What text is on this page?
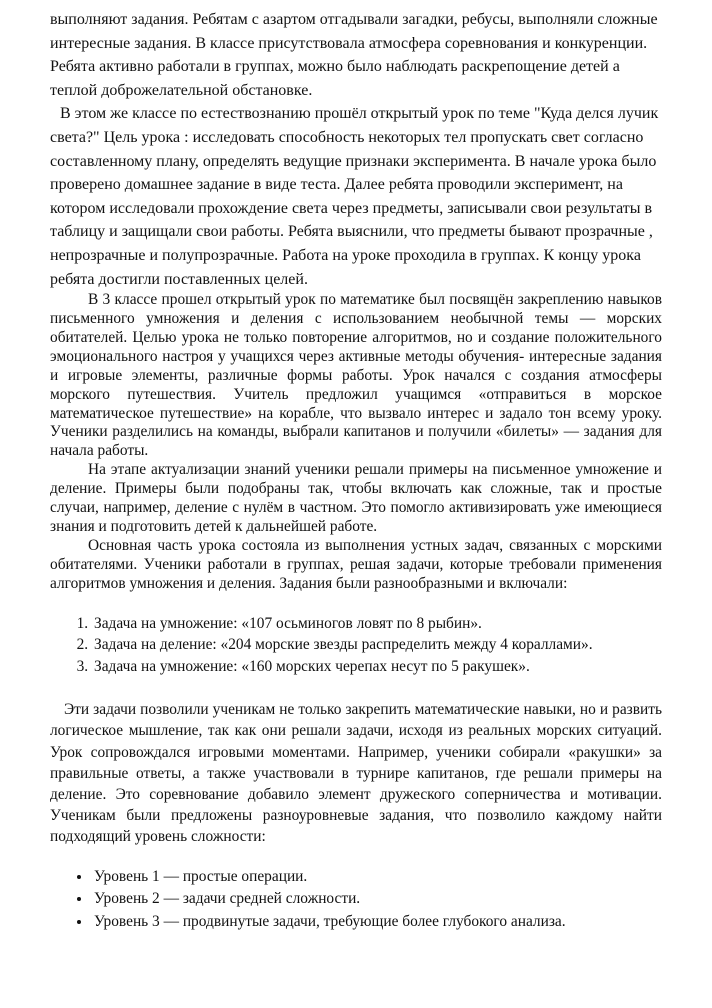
выполняют задания. Ребятам с азартом отгадывали загадки, ребусы, выполняли сложные интересные задания. В классе присутствовала атмосфера соревнования и конкуренции. Ребята активно работали в группах, можно было наблюдать раскрепощение детей а теплой доброжелательной обстановке.

В этом же классе по естествознанию прошёл открытый урок по теме "Куда делся лучик света?" Цель урока : исследовать способность некоторых тел пропускать свет согласно составленному плану, определять ведущие признаки эксперимента. В начале урока было проверено домашнее задание в виде теста. Далее ребята проводили эксперимент, на котором исследовали прохождение света через предметы, записывали свои результаты в таблицу и защищали свои работы. Ребята выяснили, что предметы бывают прозрачные , непрозрачные и полупрозрачные. Работа на уроке проходила в группах. К концу урока ребята достигли поставленных целей.

В 3 классе прошел открытый урок по математике был посвящён закреплению навыков письменного умножения и деления с использованием необычной темы — морских обитателей. Целью урока не только повторение алгоритмов, но и создание положительного эмоционального настроя у учащихся через активные методы обучения- интересные задания и игровые элементы, различные формы работы. Урок начался с создания атмосферы морского путешествия. Учитель предложил учащимся «отправиться в морское математическое путешествие» на корабле, что вызвало интерес и задало тон всему уроку. Ученики разделились на команды, выбрали капитанов и получили «билеты» — задания для начала работы.

На этапе актуализации знаний ученики решали примеры на письменное умножение и деление. Примеры были подобраны так, чтобы включать как сложные, так и простые случаи, например, деление с нулём в частном. Это помогло активизировать уже имеющиеся знания и подготовить детей к дальнейшей работе.

Основная часть урока состояла из выполнения устных задач, связанных с морскими обитателями. Ученики работали в группах, решая задачи, которые требовали применения алгоритмов умножения и деления. Задания были разнообразными и включали:

1. Задача на умножение: «107 осьминогов ловят по 8 рыбин».
2. Задача на деление: «204 морские звезды распределить между 4 кораллами».
3. Задача на умножение: «160 морских черепах несут по 5 ракушек».

Эти задачи позволили ученикам не только закрепить математические навыки, но и развить логическое мышление, так как они решали задачи, исходя из реальных морских ситуаций. Урок сопровождался игровыми моментами. Например, ученики собирали «ракушки» за правильные ответы, а также участвовали в турнире капитанов, где решали примеры на деление. Это соревнование добавило элемент дружеского соперничества и мотивации. Ученикам были предложены разноуровневые задания, что позволило каждому найти подходящий уровень сложности:

• Уровень 1 — простые операции.
• Уровень 2 — задачи средней сложности.
• Уровень 3 — продвинутые задачи, требующие более глубокого анализа.
